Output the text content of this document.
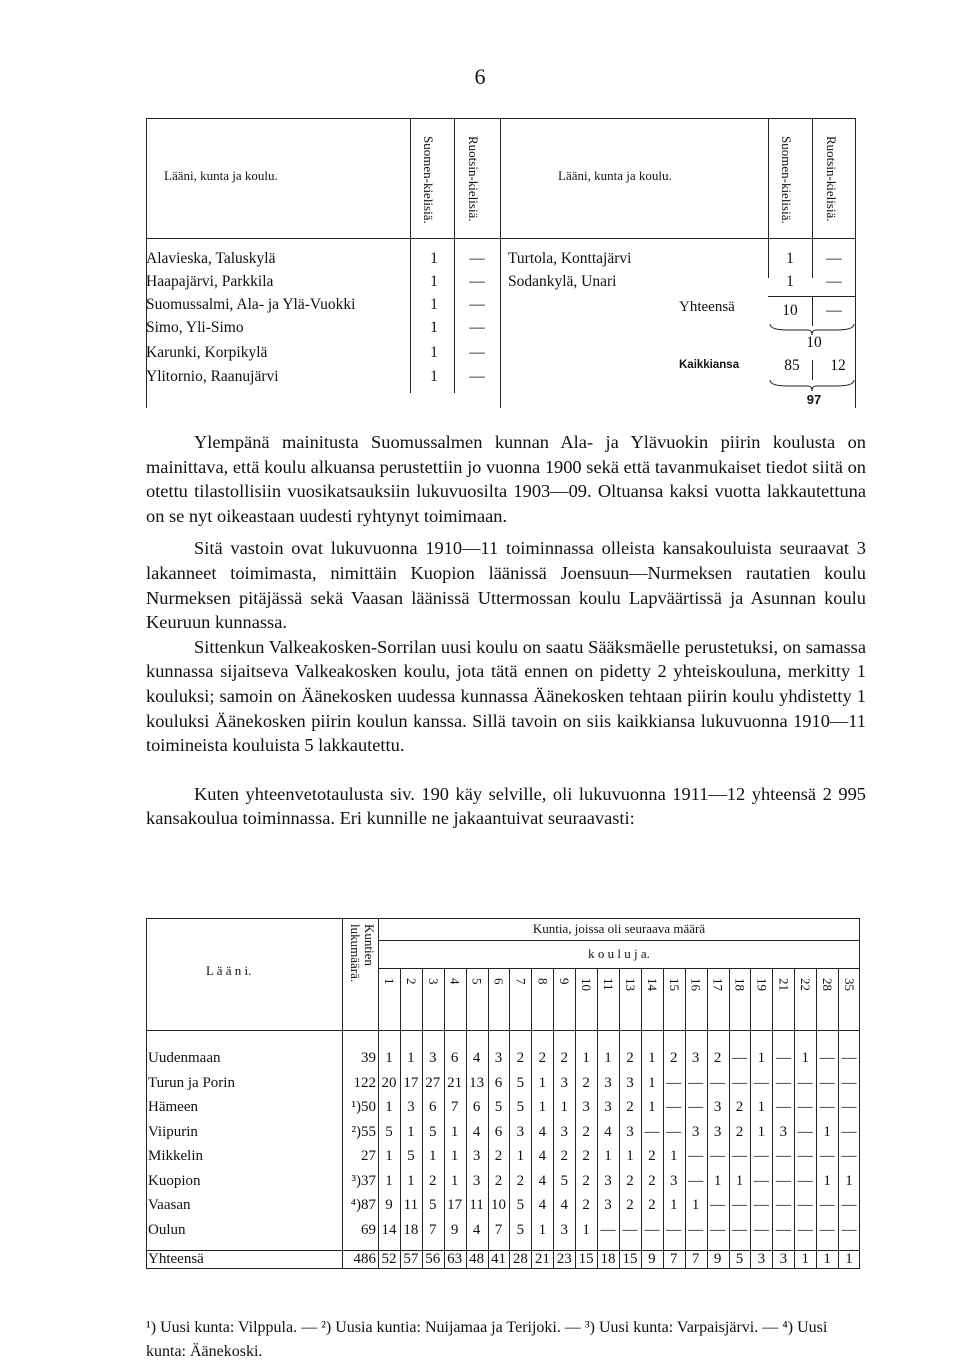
6
Lääni, kunta ja koulu.	Suomen-kielisiä. Ruotsin-kielisiä.	Lääni, kunta ja koulu.	Suomen-kielisiä. Ruotsin-kielisiä.
Alavieska, Taluskylä	1	—
Haapajärvi, Parkkila	1	—
Suomussalmi, Ala- ja Ylä-Vuokki	1	—
Simo, Yli-Simo	1	—
Karunki, Korpikylä	1	—
Ylitornio, Raanujärvi	1	—
Turtola, Konttajärvi	1	—
Sodankylä, Unari	1	—
Yhteensä	10	—
10
Kaikkiansa	85	12
97

Ylempänä mainitusta Suomussalmen kunnan Ala- ja Ylävuokin piirin koulusta on mainittava, että koulu alkuansa perustettiin jo vuonna 1900 sekä että tavanmukaiset tiedot siitä on otettu tilastollisiin vuosikatsauksiin lukuvuosilta 1903—09. Oltuansa kaksi vuotta lakkautettuna on se nyt oikeastaan uudesti ryhtynyt toimimaan.

Sitä vastoin ovat lukuvuonna 1910—11 toiminnassa olleista kansakouluista seuraavat 3 lakanneet toimimasta, nimittäin Kuopion läänissä Joensuun—Nurmeksen rautatien koulu Nurmeksen pitäjässä sekä Vaasan läänissä Uttermossan koulu Lapväärtissä ja Asunnan koulu Keuruun kunnassa.

Sittenkun Valkeakosken-Sorrilan uusi koulu on saatu Sääksmäelle perustetuksi, on samassa kunnassa sijaitseva Valkeakosken koulu, jota tätä ennen on pidetty 2 yhteiskouluna, merkitty 1 kouluksi; samoin on Äänekosken uudessa kunnassa Äänekosken tehtaan piirin koulu yhdistetty 1 kouluksi Äänekosken piirin koulun kanssa. Sillä tavoin on siis kaikkiansa lukuvuonna 1910—11 toimineista kouluista 5 lakkautettu.

Kuten yhteenvetotaulusta siv. 190 käy selville, oli lukuvuonna 1911—12 yhteensä 2 995 kansakoulua toiminnassa. Eri kunnille ne jakaantuivat seuraavasti:

Kuntia, joissa oli seuraava määrä
k o u l u j a.
L ä ä n i.
Kuntien lukumäärä.	1 2 3 4 5 6 7 8 9 10 11 13 14 15 16 17 18 19 21 22 28 35
Uudenmaan	39 1 1 3 6 4 3 2 2 2 1 1 2 1 2 3 2 — 1 — 1 — —
Turun ja Porin	122 20 17 27 21 13 6 5 1 3 2 3 3 1 — — — — — — — — —
Hämeen	¹)50 1 3 6 7 6 5 5 1 1 3 3 2 1 — — 3 2 1 — — — —
Viipurin	²)55 5 1 5 1 4 6 3 4 3 2 4 3 — — 3 3 2 1 3 — 1 —
Mikkelin	27 1 5 1 1 3 2 1 4 2 2 1 1 2 1 — — — — — — — —
Kuopion	³)37 1 1 2 1 3 2 2 4 5 2 3 2 2 3 — 1 1 — — — 1 1
Vaasan	⁴)87 9 11 5 17 11 10 5 4 4 2 3 2 2 1 1 — — — — — — —
Oulun	69 14 18 7 9 4 7 5 1 3 1 — — — — — — — — — — — —
Yhteensä	486 52 57 56 63 48 41 28 21 23 15 18 15 9 7 7 9 5 3 3 1 1 1
¹) Uusi kunta: Vilppula. — ²) Uusia kuntia: Nuijamaa ja Terijoki. — ³) Uusi kunta: Varpaisjärvi. — ⁴) Uusi kunta: Äänekoski.
